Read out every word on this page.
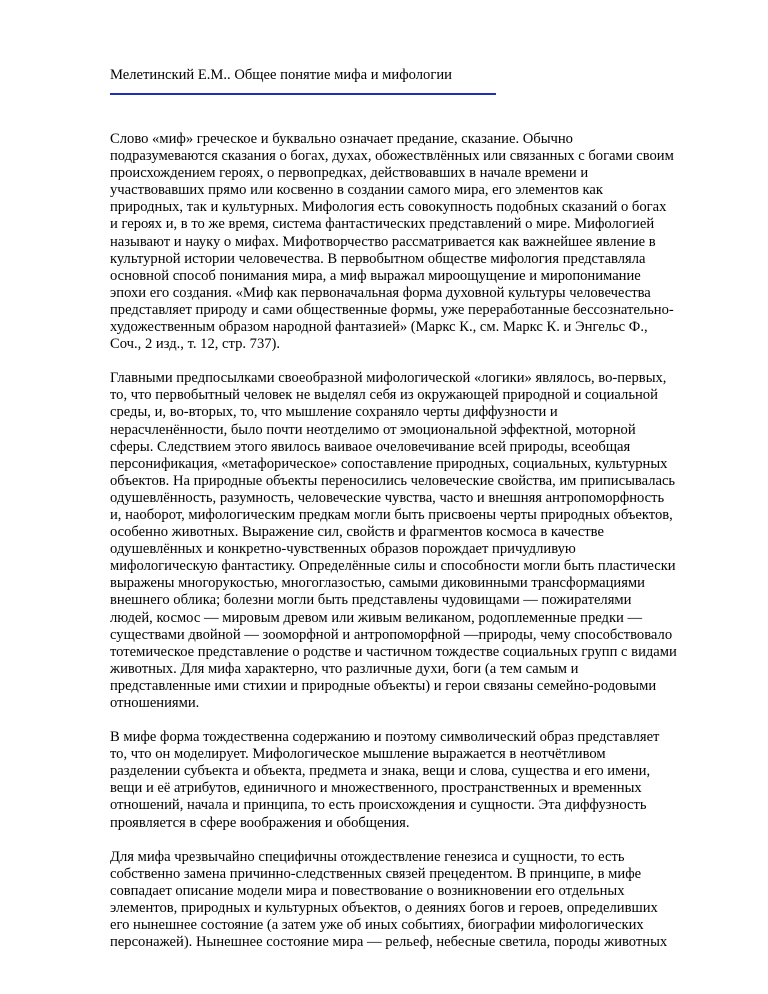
Мелетинский Е.М.. Общее понятие мифа и мифологии

Слово «миф» греческое и буквально означает предание, сказание. Обычно
подразумеваются сказания о богах, духах, обожествлённых или связанных с богами своим
происхождением героях, о первопредках, действовавших в начале времени и
участвовавших прямо или косвенно в создании самого мира, его элементов как
природных, так и культурных. Мифология есть совокупность подобных сказаний о богах
и героях и, в то же время, система фантастических представлений о мире. Мифологией
называют и науку о мифах. Мифотворчество рассматривается как важнейшее явление в
культурной истории человечества. В первобытном обществе мифология представляла
основной способ понимания мира, а миф выражал мироощущение и миропонимание
эпохи его создания. «Миф как первоначальная форма духовной культуры человечества
представляет природу и сами общественные формы, уже переработанные бессознательно-
художественным образом народной фантазией» (Маркс К., см. Маркс К. и Энгельс Ф.,
Соч., 2 изд., т. 12, стр. 737).

Главными предпосылками своеобразной мифологической «логики» являлось, во-первых,
то, что первобытный человек не выделял себя из окружающей природной и социальной
среды, и, во-вторых, то, что мышление сохраняло черты диффузности и
нерасчленённости, было почти неотделимо от эмоциональной эффектной, моторной
сферы. Следствием этого явилось ваиваое очеловечивание всей природы, всеобщая
персонификация, «метафорическое» сопоставление природных, социальных, культурных
объектов. На природные объекты переносились человеческие свойства, им приписывалась
одушевлённость, разумность, человеческие чувства, часто и внешняя антропоморфность
и, наоборот, мифологическим предкам могли быть присвоены черты природных объектов,
особенно животных. Выражение сил, свойств и фрагментов космоса в качестве
одушевлённых и конкретно-чувственных образов порождает причудливую
мифологическую фантастику. Определённые силы и способности могли быть пластически
выражены многорукостью, многоглазостью, самыми диковинными трансформациями
внешнего облика; болезни могли быть представлены чудовищами — пожирателями
людей, космос — мировым древом или живым великаном, родоплеменные предки —
существами двойной — зооморфной и антропоморфной —природы, чему способствовало
тотемическое представление о родстве и частичном тождестве социальных групп с видами
животных. Для мифа характерно, что различные духи, боги (а тем самым и
представленные ими стихии и природные объекты) и герои связаны семейно-родовыми
отношениями.

В мифе форма тождественна содержанию и поэтому символический образ представляет
то, что он моделирует. Мифологическое мышление выражается в неотчётливом
разделении субъекта и объекта, предмета и знака, вещи и слова, существа и его имени,
вещи и её атрибутов, единичного и множественного, пространственных и временных
отношений, начала и принципа, то есть происхождения и сущности. Эта диффузность
проявляется в сфере воображения и обобщения.

Для мифа чрезвычайно специфичны отождествление генезиса и сущности, то есть
собственно замена причинно-следственных связей прецедентом. В принципе, в мифе
совпадает описание модели мира и повествование о возникновении его отдельных
элементов, природных и культурных объектов, о деяниях богов и героев, определивших
его нынешнее состояние (а затем уже об иных событиях, биографии мифологических
персонажей). Нынешнее состояние мира — рельеф, небесные светила, породы животных
